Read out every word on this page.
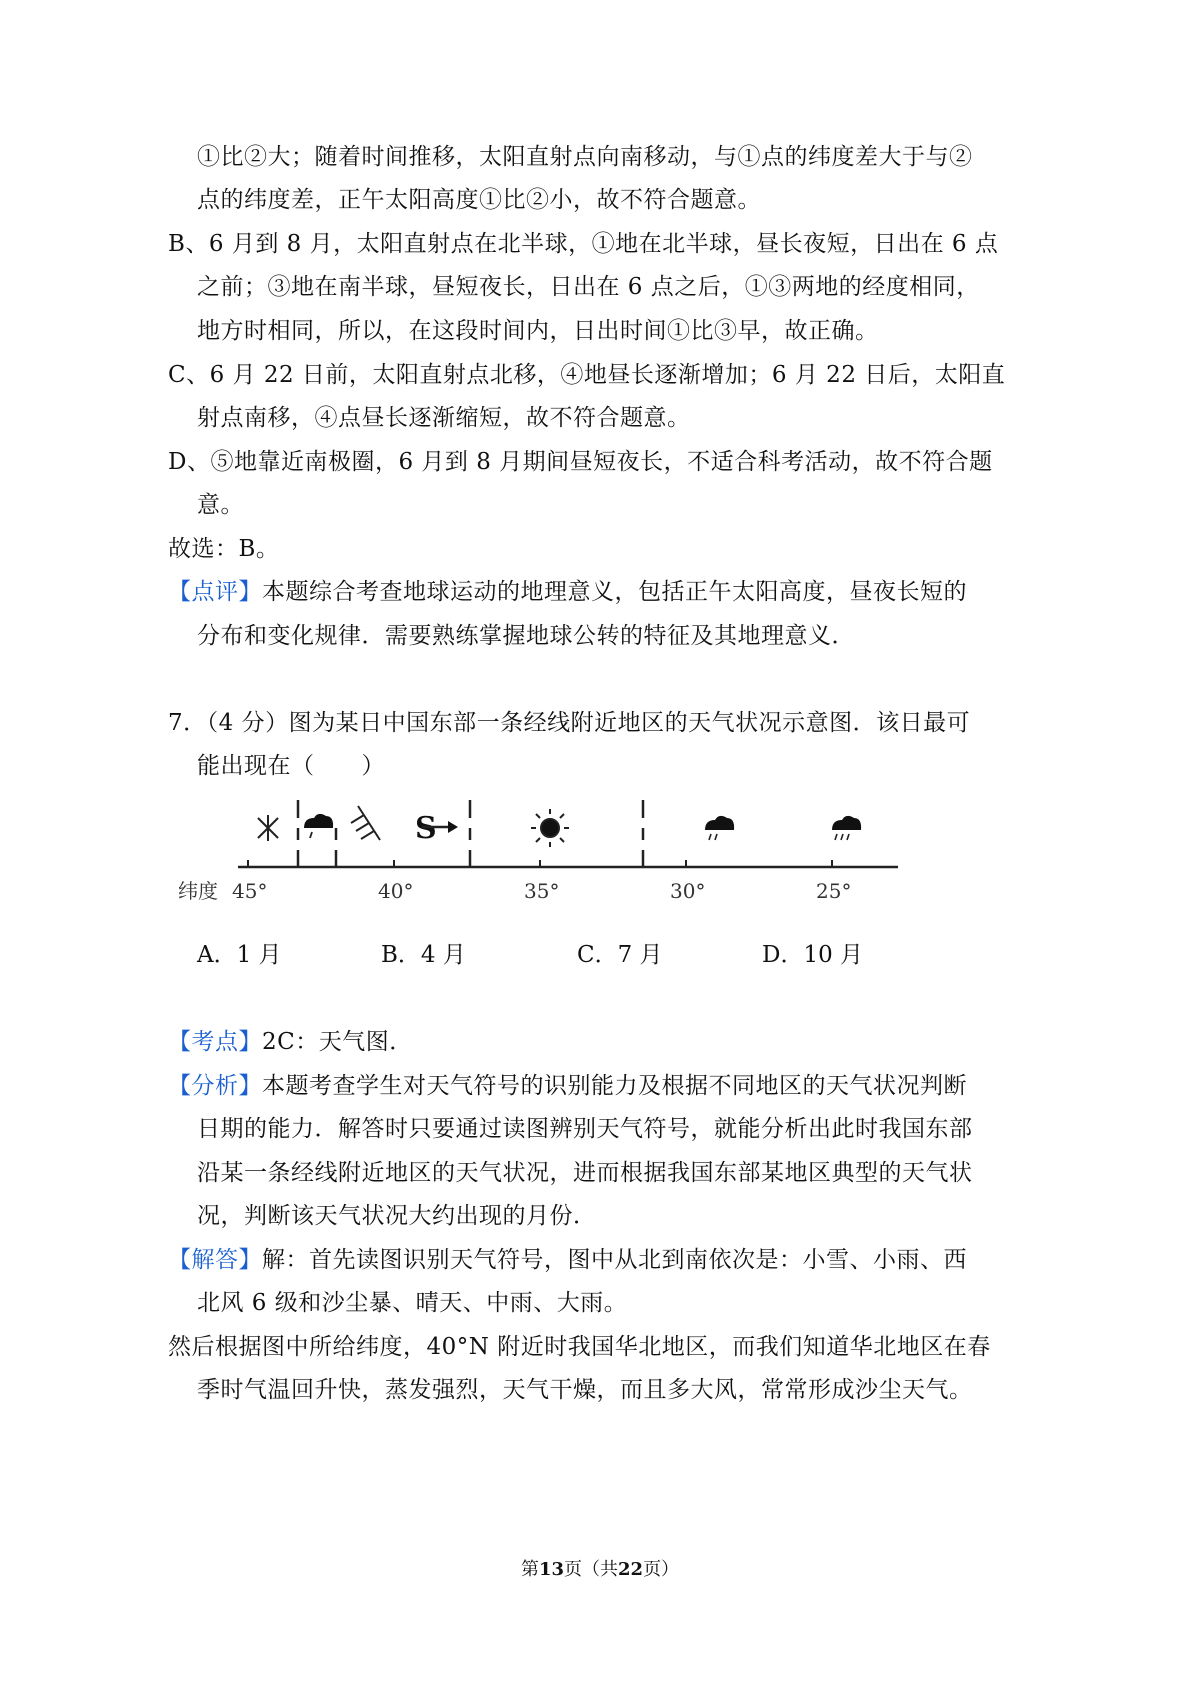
①比②大；随着时间推移，太阳直射点向南移动，与①点的纬度差大于与②
点的纬度差，正午太阳高度①比②小，故不符合题意。
B、6 月到 8 月，太阳直射点在北半球，①地在北半球，昼长夜短，日出在 6 点
之前；③地在南半球，昼短夜长，日出在 6 点之后，①③两地的经度相同，
地方时相同，所以，在这段时间内，日出时间①比③早，故正确。
C、6 月 22 日前，太阳直射点北移，④地昼长逐渐增加；6 月 22 日后，太阳直
射点南移，④点昼长逐渐缩短，故不符合题意。
D、⑤地靠近南极圈，6 月到 8 月期间昼短夜长，不适合科考活动，故不符合题
意。
故选：B。
【点评】本题综合考查地球运动的地理意义，包括正午太阳高度，昼夜长短的
分布和变化规律．需要熟练掌握地球公转的特征及其地理意义．
7．（4 分）图为某日中国东部一条经线附近地区的天气状况示意图．该日最可
能出现在（　　）
S
纬度 45°	40°	35°	30°	25°
A．1 月	B．4 月	C．7 月	D．10 月
【考点】2C：天气图．
【分析】本题考查学生对天气符号的识别能力及根据不同地区的天气状况判断
日期的能力．解答时只要通过读图辨别天气符号，就能分析出此时我国东部
沿某一条经线附近地区的天气状况，进而根据我国东部某地区典型的天气状
况，判断该天气状况大约出现的月份．
【解答】解：首先读图识别天气符号，图中从北到南依次是：小雪、小雨、西
北风 6 级和沙尘暴、晴天、中雨、大雨。
然后根据图中所给纬度，40°N 附近时我国华北地区，而我们知道华北地区在春
季时气温回升快，蒸发强烈，天气干燥，而且多大风，常常形成沙尘天气。
第13页（共22页）
